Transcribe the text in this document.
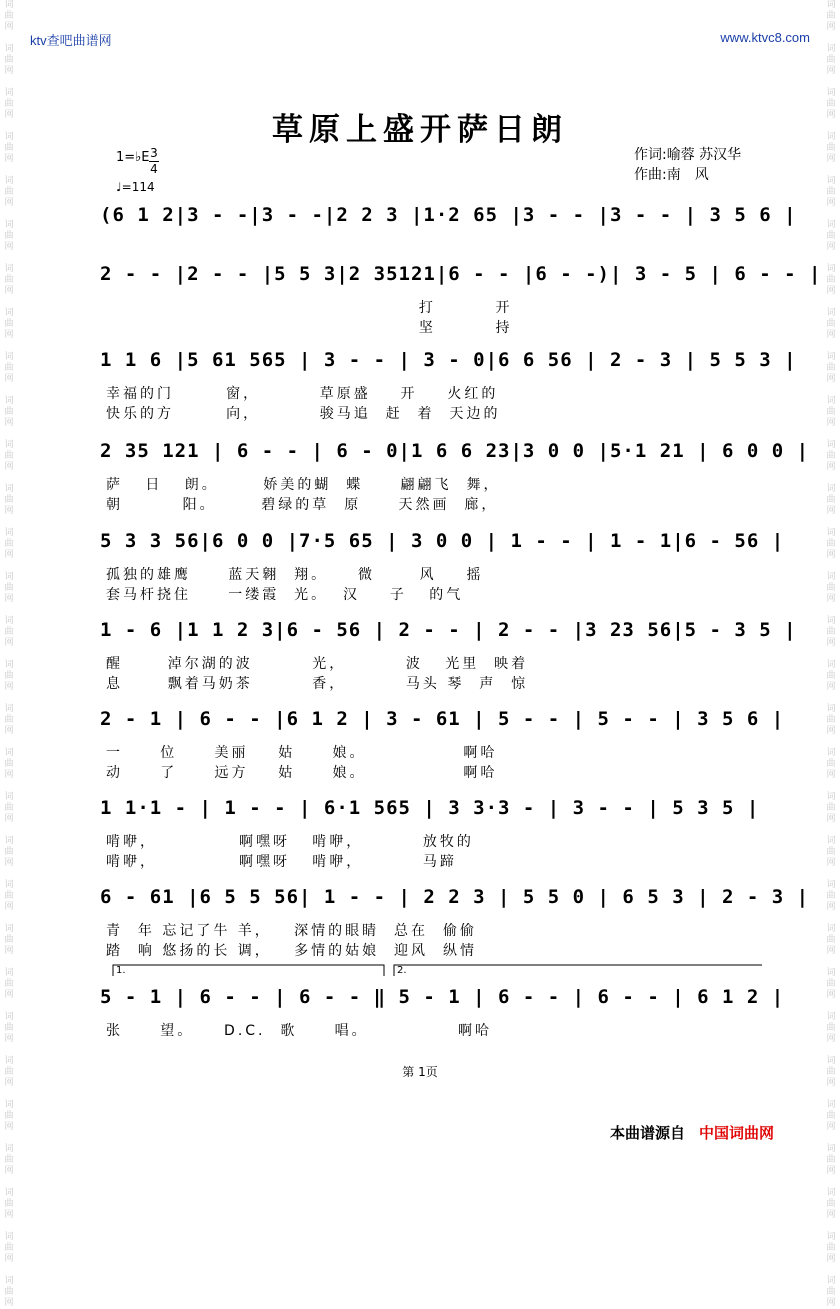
词
曲
网

词
曲
网

词
曲
网

词
曲
网

词
曲
网

词
曲
网

词
曲
网

词
曲
网

词
曲
网

词
曲
网

词
曲
网

词
曲
网

词
曲
网

词
曲
网

词
曲
网

词
曲
网

词
曲
网

词
曲
网

词
曲
网

词
曲
网

词
曲
网

词
曲
网

词
曲
网

词
曲
网

词
曲
网

词
曲
网

词
曲
网

词
曲
网

词
曲
网

词
曲
网

词
曲
网

词
曲
网

词
曲
网

词
曲
网

词
曲
网

词
曲
网

词
曲
网

词
曲
网

词
曲
网

词
曲
网

词
曲
网

词
曲
网

词
曲
网

词
曲
网

词
曲
网

词
曲
网

词
曲
网

词
曲
网

词
曲
网

词
曲
网

词
曲
网

词
曲
网

词
曲
网

词
曲
网

词
曲
网

词
曲
网

词
曲
网

词
曲
网

词
曲
网

词
曲
网

ktv查吧曲谱网	www.ktvc8.com
草原上盛开萨日朗
1=♭E 3
4
♩=114
作词:喻蓉 苏汉华
作曲:南　风
(6 1 2|3 - -|3 - -|2 2 3 |1·2 65 |3 - - |3 - - | 3 5 6 |
2 - - |2 - - |5 5 3|2 35121|6 - - |6 - -)| 3 - 5 | 6 - - |
打        开
坚        持
1 1 6 |5 61 565 | 3 - - | 3 - 0|6 6 56 | 2 - 3 | 5 5 3 |
幸福的门       窗，        草原盛    开    火红的
快乐的方       向，        骏马追  赶  着  天边的
2 35 121 | 6 - - | 6 - 0|1 6 6 23|3 0 0 |5·1 21 | 6 0 0 |
萨   日   朗。      娇美的蝴  蝶     翩翩飞  舞，
朝        阳。      碧绿的草  原     天然画  廊，
5 3 3 56|6 0 0 |7·5 65 | 3 0 0 | 1 - - | 1 - 1|6 - 56 |
孤独的雄鹰     蓝天翱  翔。    微      风    摇
套马杆挠住     一缕霞  光。  汉    子   的气
1 - 6 |1 1 2 3|6 - 56 | 2 - - | 2 - - |3 23 56|5 - 3 5 |
醒      淖尔湖的波        光，        波   光里  映着
息      飘着马奶茶        香，        马头 琴  声  惊
2 - 1 | 6 - - |6 1 2 | 3 - 61 | 5 - - | 5 - - | 3 5 6 |
一     位     美丽    姑     娘。             啊哈
动     了     远方    姑     娘。             啊哈
1 1·1 - | 1 - - | 6·1 565 | 3 3·3 - | 3 - - | 5 3 5 |
啃咿，           啊嘿呀   啃咿，        放牧的
啃咿，           啊嘿呀   啃咿，        马蹄
6 - 61 |6 5 5 56| 1 - - | 2 2 3 | 5 5 0 | 6 5 3 | 2 - 3 |
青  年 忘记了牛 羊，   深情的眼睛  总在  偷偷
踏  响 悠扬的长 调，   多情的姑娘  迎风  纵情
5 - 1 | 6 - - | 6 - - ‖ 5 - 1 | 6 - - | 6 - - | 6 1 2 |
张     望。    D.C.  歌     唱。            啊哈
1.	2.
第 1页
本曲谱源自 中国词曲网
